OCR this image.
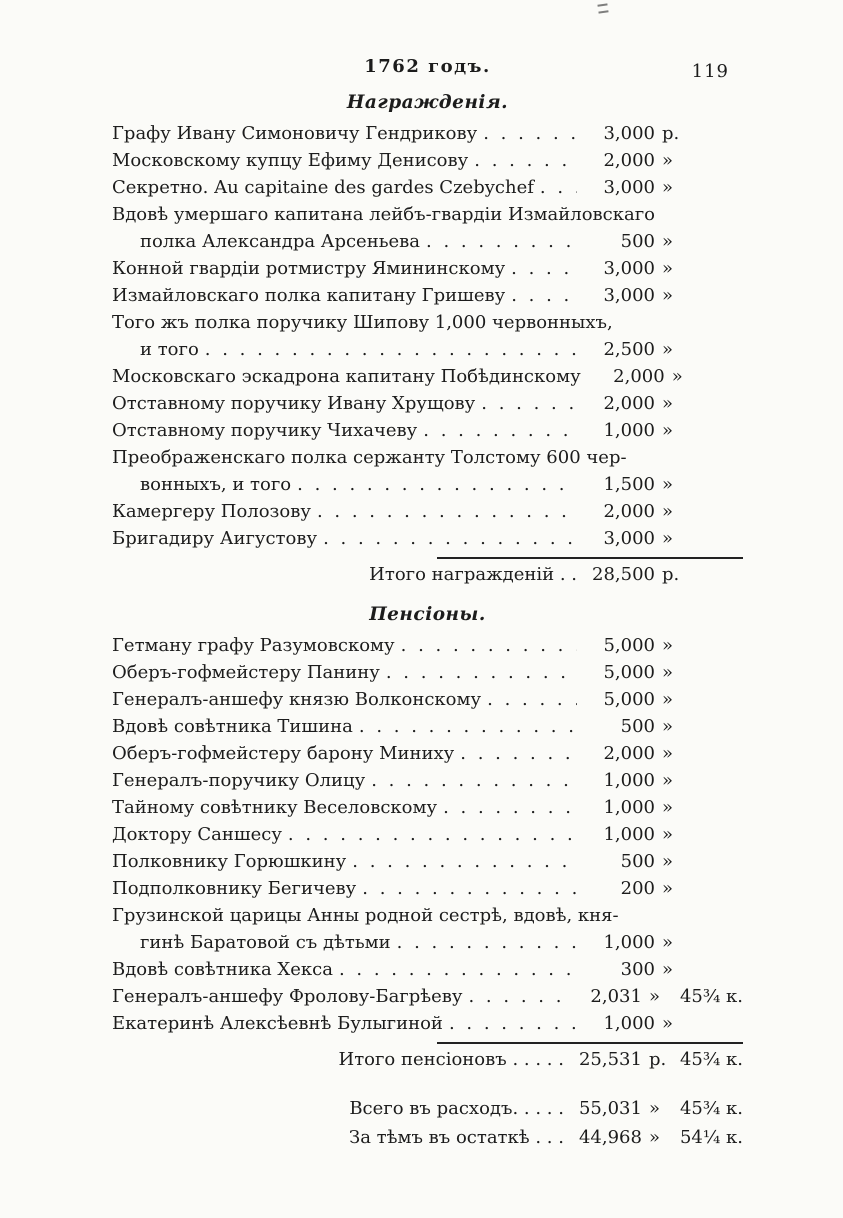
1762 годъ.	119
Награжденія.
Графу Ивану Симоновичу Гендрикову . . .	3,000 р.
Московскому купцу Ефиму Денисову . . .	2,000 »
Секретно. Au capitaine des gardes Czebychef . . .	3,000 »
Вдовѣ умершаго капитана лейбъ-гвардіи Измайловскаго
полка Александра Арсеньева . . .	500 »
Конной гвардіи ротмистру Ямининскому . . .	3,000 »
Измайловскаго полка капитану Гришеву . . .	3,000 »
Того жъ полка поручику Шипову 1,000 червонныхъ,
и того . . .	2,500 »
Московскаго эскадрона капитану Побѣдинскому . . .	2,000 »
Отставному поручику Ивану Хрущову . . .	2,000 »
Отставному поручику Чихачеву . . .	1,000 »
Преображенскаго полка сержанту Толстому 600 чер-
вонныхъ, и того . . .	1,500 »
Камергеру Полозову . . .	2,000 »
Бригадиру Аигустову . . .	3,000 »
Итого награжденій . . 28,500 р.
Пенсіоны.
Гетману графу Разумовскому . . .	5,000 »
Оберъ-гофмейстеру Панину . . .	5,000 »
Генералъ-аншефу князю Волконскому . . .	5,000 »
Вдовѣ совѣтника Тишина . . .	500 »
Оберъ-гофмейстеру барону Миниху . . .	2,000 »
Генералъ-поручику Олицу . . .	1,000 »
Тайному совѣтнику Веселовскому . . .	1,000 »
Доктору Саншесу . . .	1,000 »
Полковнику Горюшкину . . .	500 »
Подполковнику Бегичеву . . .	200 »
Грузинской царицы Анны родной сестрѣ, вдовѣ, кня-
гинѣ Баратовой съ дѣтьми . . .	1,000 »
Вдовѣ совѣтника Хекса . . .	300 »
Генералъ-аншефу Фролову-Багрѣеву . . .	2,031 »	45¾ к.
Екатеринѣ Алексѣевнѣ Булыгиной . . .	1,000 »
Итого пенсіоновъ . . . . . 25,531 р. 45¾ к.
Всего въ расходъ. . . . . 55,031 »	45¾ к.
За тѣмъ въ остаткѣ . . . 44,968 »	54¼ к.
